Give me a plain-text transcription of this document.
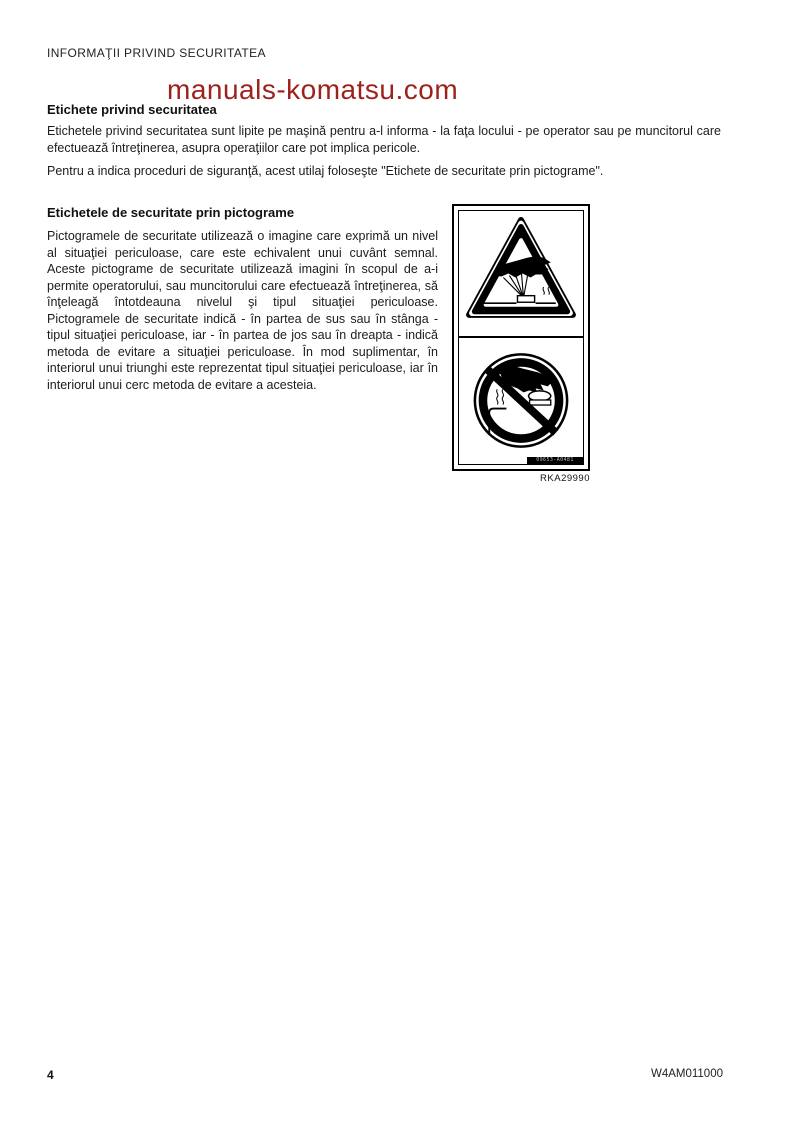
INFORMAŢII PRIVIND SECURITATEA
manuals-komatsu.com
Etichete privind securitatea

Etichetele privind securitatea sunt lipite pe maşină pentru a-l informa - la faţa locului - pe operator sau pe muncitorul care efectuează întreţinerea, asupra operaţiilor care pot implica pericole.

Pentru a indica proceduri de siguranţă, acest utilaj foloseşte "Etichete de securitate prin pictograme".

Etichetele de securitate prin pictograme
Pictogramele de securitate utilizează o imagine care exprimă un nivel al situaţiei periculoase, care este echivalent unui cuvânt semnal. Aceste pictograme de securitate utilizează imagini în scopul de a-i permite operatorului, sau muncitorului care efectuează întreţinerea, să înţeleagă întotdeauna nivelul şi tipul situaţiei periculoase. Pictogramele de securitate indică - în partea de sus sau în stânga - tipul situaţiei periculoase, iar - în partea de jos sau în dreapta - indică metoda de evitare a situaţiei periculoase. În mod suplimentar, în interiorul unui triunghi este reprezentat tipul situaţiei periculoase, iar în interiorul unui cerc metoda de evitare a acesteia.
09653-A0481
RKA29990
4	W4AM011000
